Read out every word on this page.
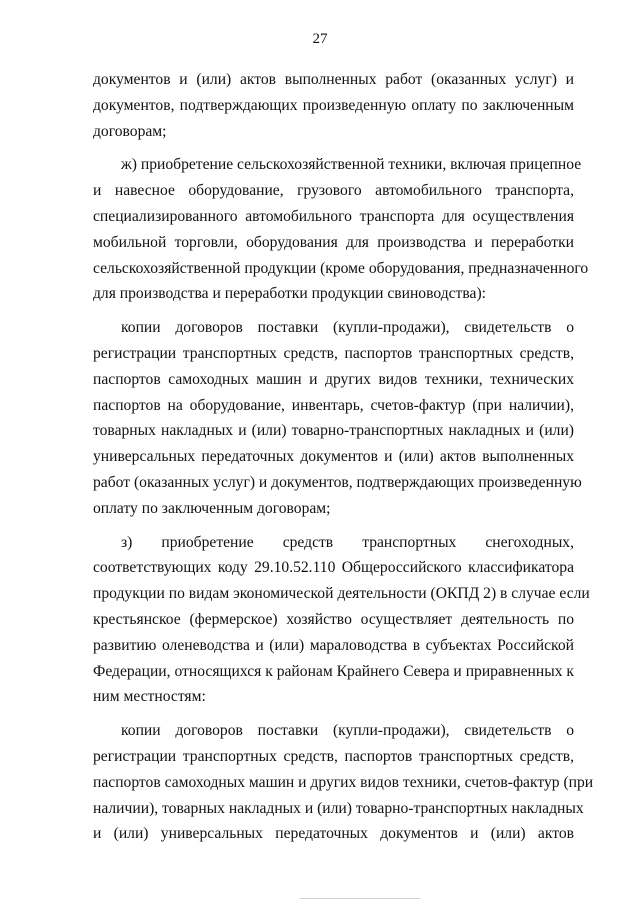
27
документов и (или) актов выполненных работ (оказанных услуг) и
документов, подтверждающих произведенную оплату по заключенным
договорам;
ж) приобретение сельскохозяйственной техники, включая прицепное
и навесное оборудование, грузового автомобильного транспорта,
специализированного автомобильного транспорта для осуществления
мобильной торговли, оборудования для производства и переработки
сельскохозяйственной продукции (кроме оборудования, предназначенного
для производства и переработки продукции свиноводства):
копии договоров поставки (купли-продажи), свидетельств о
регистрации транспортных средств, паспортов транспортных средств,
паспортов самоходных машин и других видов техники, технических
паспортов на оборудование, инвентарь, счетов-фактур (при наличии),
товарных накладных и (или) товарно-транспортных накладных и (или)
универсальных передаточных документов и (или) актов выполненных
работ (оказанных услуг) и документов, подтверждающих произведенную
оплату по заключенным договорам;
з) приобретение средств транспортных снегоходных,
соответствующих коду 29.10.52.110 Общероссийского классификатора
продукции по видам экономической деятельности (ОКПД 2) в случае если
крестьянское (фермерское) хозяйство осуществляет деятельность по
развитию оленеводства и (или) мараловодства в субъектах Российской
Федерации, относящихся к районам Крайнего Севера и приравненных к
ним местностям:
копии договоров поставки (купли-продажи), свидетельств о
регистрации транспортных средств, паспортов транспортных средств,
паспортов самоходных машин и других видов техники, счетов-фактур (при
наличии), товарных накладных и (или) товарно-транспортных накладных
и (или) универсальных передаточных документов и (или) актов
